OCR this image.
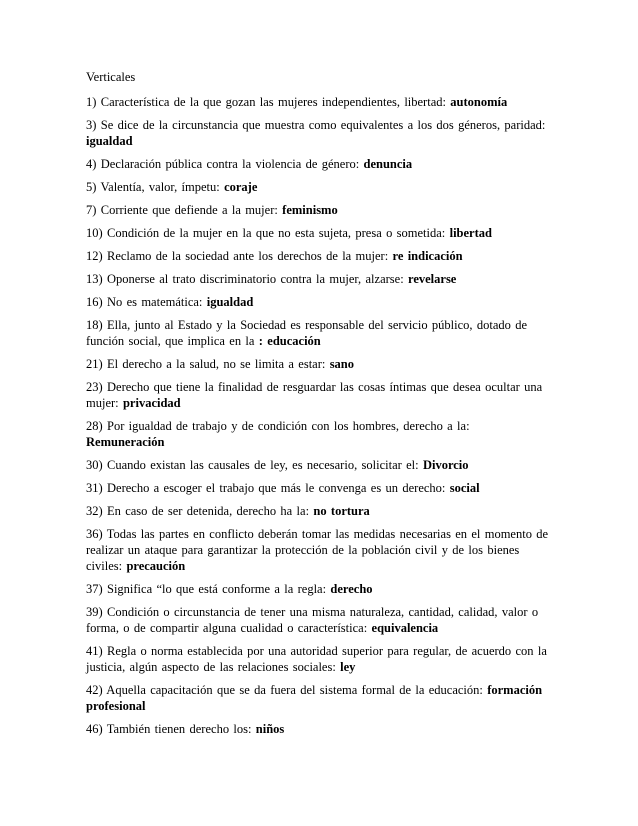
Verticales

1) Característica de la que gozan las mujeres independientes, libertad: autonomía

3) Se dice de la circunstancia que muestra como equivalentes a los dos géneros, paridad: igualdad

4) Declaración pública contra la violencia de género: denuncia

5) Valentía, valor, ímpetu: coraje

7) Corriente que defiende a la mujer: feminismo

10) Condición de la mujer en la que no esta sujeta, presa o sometida: libertad

12) Reclamo de la sociedad ante los derechos de la mujer: re indicación

13) Oponerse al trato discriminatorio contra la mujer, alzarse: revelarse

16) No es matemática: igualdad

18) Ella, junto al Estado y la Sociedad es responsable del servicio público, dotado de función social, que implica en la : educación

21) El derecho a la salud, no se limita a estar: sano

23) Derecho que tiene la finalidad de resguardar las cosas íntimas que desea ocultar una mujer: privacidad

28) Por igualdad de trabajo y de condición con los hombres, derecho a la: Remuneración

30) Cuando existan las causales de ley, es necesario, solicitar el: Divorcio

31) Derecho a escoger el trabajo que más le convenga es un derecho: social

32) En caso de ser detenida, derecho ha la: no tortura

36) Todas las partes en conflicto deberán tomar las medidas necesarias en el momento de realizar un ataque para garantizar la protección de la población civil y de los bienes civiles: precaución

37) Significa “lo que está conforme a la regla: derecho

39) Condición o circunstancia de tener una misma naturaleza, cantidad, calidad, valor o forma, o de compartir alguna cualidad o característica: equivalencia

41) Regla o norma establecida por una autoridad superior para regular, de acuerdo con la justicia, algún aspecto de las relaciones sociales: ley

42) Aquella capacitación que se da fuera del sistema formal de la educación: formación profesional

46) También tienen derecho los: niños
